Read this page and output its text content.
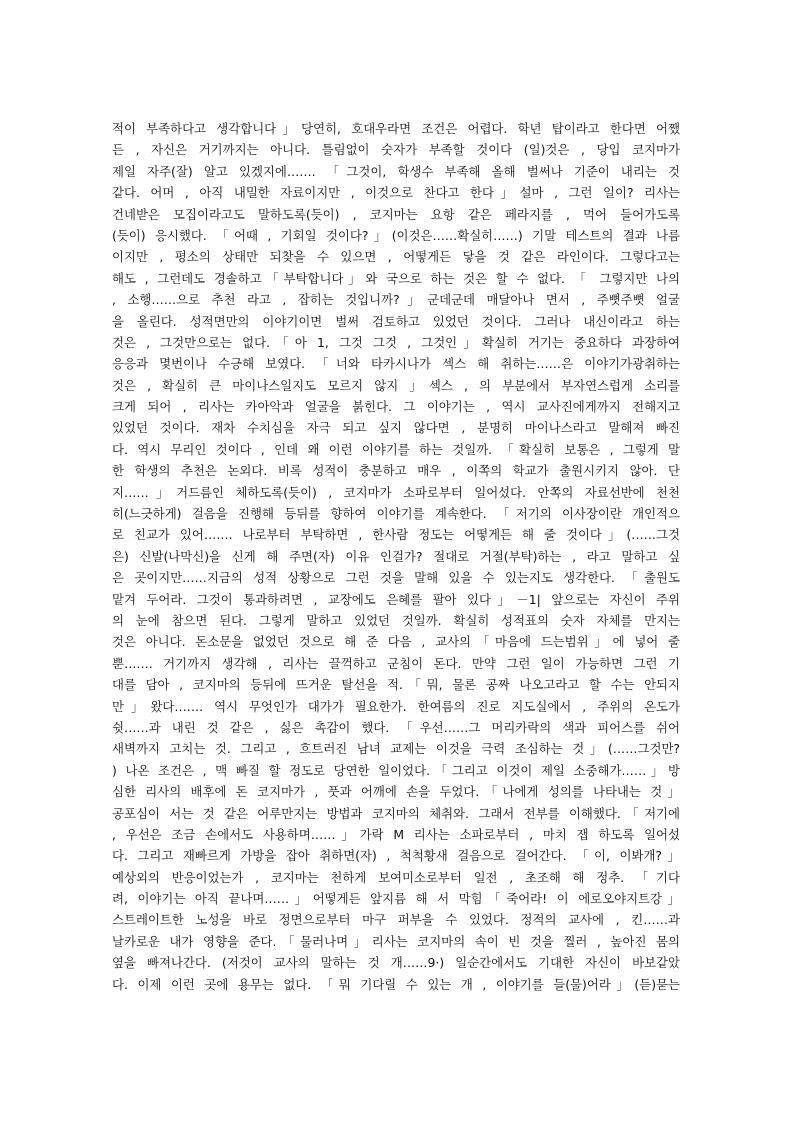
적이 부족하다고 생각합니다」당연히, 호대우라면 조건은 어렵다. 학년 탑이라고 한다면 어쨌
든 , 자신은 거기까지는 아니다. 틀림없이 숫자가 부족할 것이다 (일)것은 , 당입 코지마가
제일 자주(잘) 알고 있겠지에……. 「그것이, 학생수 부족해 올해 벌써나 기준이 내리는 것
같다. 어머 , 아직 내밀한 자료이지만 , 이것으로 찬다고 한다」설마 , 그런 일이? 리사는
건네받은 모집이라고도 말하도록(듯이) , 코지마는 요항 같은 페라지를 , 먹어 들어가도록
(듯이) 응시했다. 「어때 , 기회일 것이다?」(이것은……확실히……) 기말 테스트의 결과 나름
이지만 , 평소의 상태만 되찾을 수 있으면 , 어떻게든 닿을 것 같은 라인이다. 그렇다고는
해도 , 그런데도 경솔하고「부탁합니다」와 국으로 하는 것은 할 수 없다. 「 그렇지만 나의
, 소행……으로 추천 라고 , 잡히는 것입니까?」군데군데 매달아나 면서 , 주뼛주뼛 얼굴
을 올린다. 성적면만의 이야기이면 벌써 검토하고 있었던 것이다. 그러나 내신이라고 하는
것은 , 그것만으로는 없다.「아 1, 그것 그것 , 그것인」확실히 거기는 중요하다 과장하여
응응과 몇번이나 수긍해 보였다. 「너와 타카시나가 섹스 해 취하는……은 이야기가광취하는
것은 , 확실히 큰 마이나스일지도 모르지 않지 」섹스 , 의 부분에서 부자연스럽게 소리를
크게 되어 , 리사는 카아악과 얼굴을 붉힌다. 그 이야기는 , 역시 교사진에게까지 전해지고
있었던 것이다. 재차 수치심을 자극 되고 싶지 않다면 , 분명히 마이나스라고 말해져 빠진
다. 역시 무리인 것이다 , 인데 왜 이런 이야기를 하는 것일까. 「확실히 보통은 , 그렇게 말
한 학생의 추천은 논외다. 비록 성적이 충분하고 매우 , 이쪽의 학교가 출원시키지 않아. 단
지……」거드름인 체하도록(듯이) , 코지마가 소파로부터 일어섰다. 안쪽의 자료선반에 천천
히(느긋하게) 걸음을 진행해 등뒤를 향하여 이야기를 계속한다. 「저기의 이사장이란 개인적으
로 친교가 있어……. 나로부터 부탁하면 , 한사람 정도는 어떻게든 해 줄 것이다」(……그것
은) 신발(나막신)을 신게 해 주면(자) 이유 인걸가? 절대로 거절(부탁)하는 , 라고 말하고 싶
은 곳이지만……지금의 성적 상황으로 그런 것을 말해 있을 수 있는지도 생각한다. 「출원도
맡겨 두어라. 그것이 통과하려면 , 교장에도 은혜를 팔아 있다」－1| 앞으로는 자신이 주위
의 눈에 참으면 된다. 그렇게 말하고 있었던 것일까. 확실히 성적표의 숫자 자체를 만지는
것은 아니다. 돈소문을 없었던 것으로 해 준 다음 , 교사의「마음에 드는범위」에 넣어 줄
뿐……. 거기까지 생각해 , 리사는 끌꺽하고 군침이 돈다. 만약 그런 일이 가능하면 그런 기
대를 담아 , 코지마의 등뒤에 뜨거운 탈선을 적.「뭐, 물론 공짜 나오고라고 할 수는 안되지
만」왔다……. 역시 무엇인가 대가가 필요한가. 한여름의 진로 지도실에서 , 주위의 온도가
쉿……과 내린 것 같은 , 싫은 촉감이 했다. 「우선……그 머리카락의 색과 피어스를 쉬어
새벽까지 고치는 것. 그리고 , 흐트러진 남녀 교제는 이것을 극력 조심하는 것」(……그것만?
) 나온 조건은 , 맥 빠질 할 정도로 당연한 일이었다.「그리고 이것이 제일 소중해가……」방
심한 리사의 배후에 돈 코지마가 , 풋과 어깨에 손을 두었다.「나에게 성의를 나타내는 것」
공포심이 서는 것 같은 어루만지는 방법과 코지마의 체취와. 그래서 전부를 이해했다.「저기에
, 우선은 조금 손에서도 사용하며……」가락 M 리사는 소파로부터 , 마치 잽 하도록 일어섰
다. 그리고 재빠르게 가방을 잡아 취하면(자) , 척척황새 걸음으로 걸어간다. 「이, 이봐개?」
예상외의 반응이었는가 , 코지마는 천하게 보여미소로부터 일전 , 초조해 해 정추. 「기다
려, 이야기는 아직 끝나며……」어떻게든 앞지름 해 서 막힘「죽어라! 이 에로오야지트강」
스트레이트한 노성을 바로 정면으로부터 마구 퍼부을 수 있었다. 정적의 교사에 , 킨……과
날카로운 내가 영향을 준다.「물러나며」리사는 코지마의 속이 빈 것을 찔러 , 높아진 몸의
옆을 빠져나간다. (저것이 교사의 말하는 것 개……9·) 일순간에서도 기대한 자신이 바보같았
다. 이제 이런 곳에 용무는 없다. 「뭐 기다릴 수 있는 개 , 이야기를 들(물)어라」(듣)묻는
